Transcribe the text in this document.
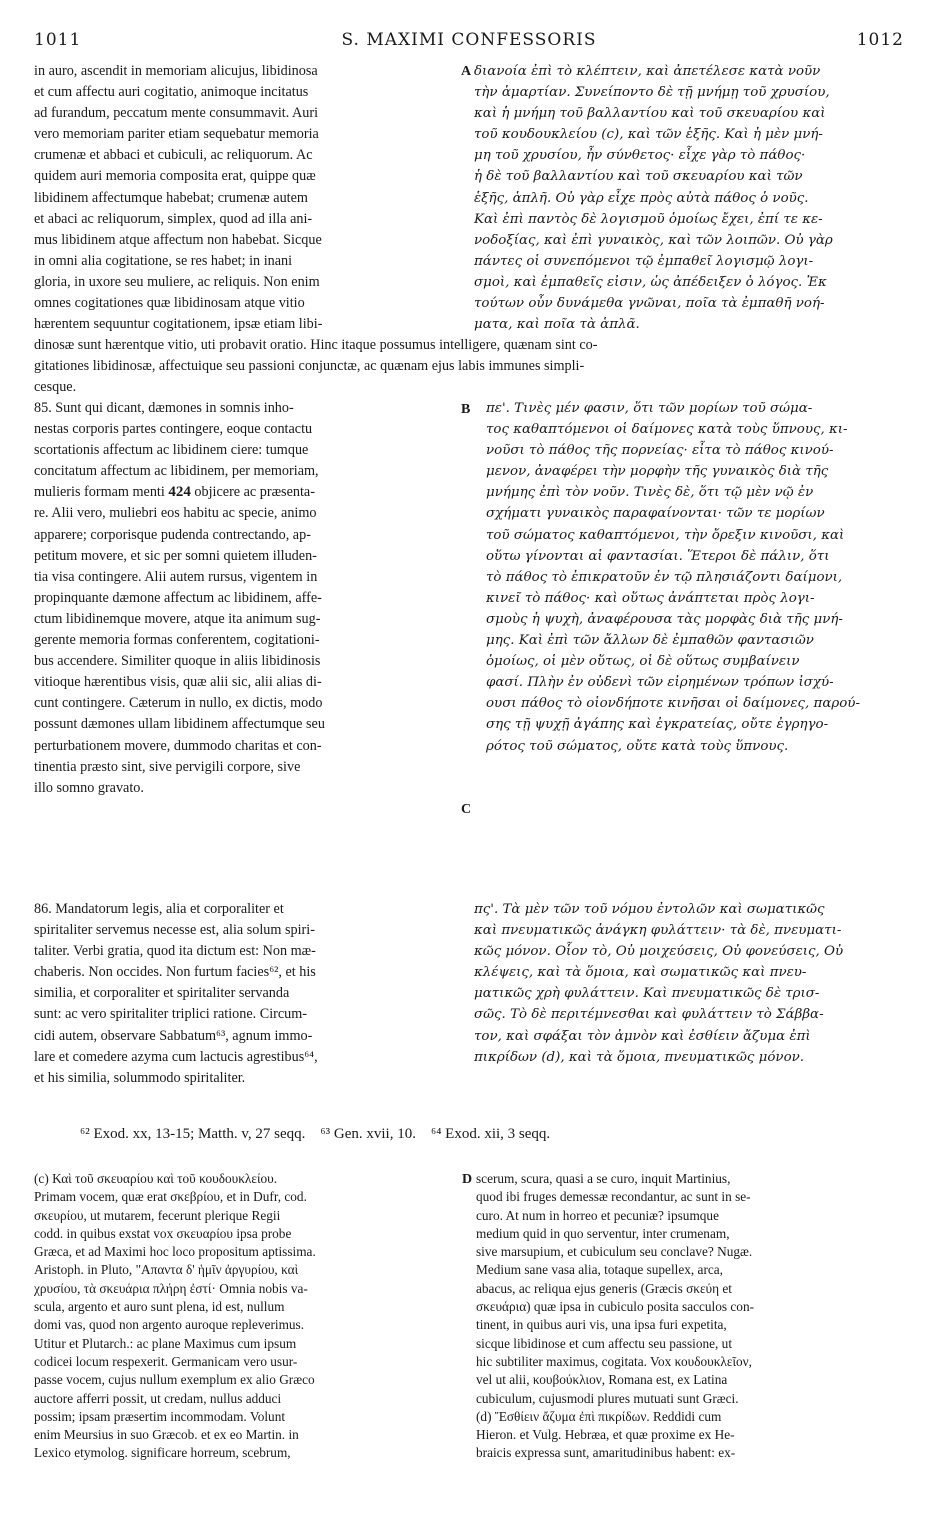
1011	S. MAXIMI CONFESSORIS	1012
in auro, ascendit in memoriam alicujus, libidinosa
et cum affectu auri cogitatio, animoque incitatus
ad furandum, peccatum mente consummavit. Auri
vero memoriam pariter etiam sequebatur memoria
crumenæ et abbaci et cubiculi, ac reliquorum. Ac
quidem auri memoria composita erat, quippe quæ
libidinem affectumque habebat; crumenæ autem
et abaci ac reliquorum, simplex, quod ad illa ani-
mus libidinem atque affectum non habebat. Sicque
in omni alia cogitatione, se res habet; in inani
gloria, in uxore seu muliere, ac reliquis. Non enim
omnes cogitationes quæ libidinosam atque vitio
hærentem sequuntur cogitationem, ipsæ etiam libi-
A διανοία ἐπὶ τὸ κλέπτειν, καὶ ἀπετέλεσε κατὰ νοῦν
τὴν ἁμαρτίαν. Συνείποντο δὲ τῇ μνήμῃ τοῦ χρυσίου,
καὶ ἡ μνήμη τοῦ βαλλαντίου καὶ τοῦ σκευαρίου καὶ
τοῦ κουδουκλείου (c), καὶ τῶν ἑξῆς. Καὶ ἡ μὲν μνή-
μη τοῦ χρυσίου, ἦν σύνθετος· εἶχε γὰρ τὸ πάθος·
ἡ δὲ τοῦ βαλλαντίου καὶ τοῦ σκευαρίου καὶ τῶν
ἑξῆς, ἁπλῆ. Οὐ γὰρ εἶχε πρὸς αὐτὰ πάθος ὁ νοῦς.
Καὶ ἐπὶ παντὸς δὲ λογισμοῦ ὁμοίως ἔχει, ἐπί τε κε-
νοδοξίας, καὶ ἐπὶ γυναικὸς, καὶ τῶν λοιπῶν. Οὐ γὰρ
πάντες οἱ συνεπόμενοι τῷ ἐμπαθεῖ λογισμῷ λογι-
σμοὶ, καὶ ἐμπαθεῖς εἰσιν, ὡς ἀπέδειξεν ὁ λόγος. Ἐκ
τούτων οὖν δυνάμεθα γνῶναι, ποῖα τὰ ἐμπαθῆ νοή-
ματα, καὶ ποῖα τὰ ἁπλᾶ.
dinosæ sunt hærentque vitio, uti probavit oratio. Hinc itaque possumus intelligere, quænam sint co-
gitationes libidinosæ, affectuique seu passioni conjunctæ, ac quænam ejus labis immunes simpli-
cesque.
85. Sunt qui dicant, dæmones in somnis inho-
nestas corporis partes contingere, eoque contactu
scortationis affectum ac libidinem ciere: tumque
concitatum affectum ac libidinem, per memoriam,
mulieris formam menti 424 objicere ac præsenta-
re. Alii vero, muliebri eos habitu ac specie, animo
apparere; corporisque pudenda contrectando, ap-
petitum movere, et sic per somni quietem illuden-
tia visa contingere. Alii autem rursus, vigentem in
propinquante dæmone affectum ac libidinem, affe-
ctum libidinemque movere, atque ita animum sug-
gerente memoria formas conferentem, cogitationi-
bus accendere. Similiter quoque in aliis libidinosis
vitioque hærentibus visis, quæ alii sic, alii alias di-
cunt contingere. Cæterum in nullo, ex dictis, modo
possunt dæmones ullam libidinem affectumque seu
perturbationem movere, dummodo charitas et con-
tinentia præsto sint, sive pervigili corpore, sive
illo somno gravato.
B πε'. Τινὲς μέν φασιν, ὅτι τῶν μορίων τοῦ σώμα-
τος καθαπτόμενοι οἱ δαίμονες κατὰ τοὺς ὕπνους, κι-
νοῦσι τὸ πάθος τῆς πορνείας· εἶτα τὸ πάθος κινού-
μενον, ἀναφέρει τὴν μορφὴν τῆς γυναικὸς διὰ τῆς
μνήμης ἐπὶ τὸν νοῦν. Τινὲς δὲ, ὅτι τῷ μὲν νῷ ἐν
σχήματι γυναικὸς παραφαίνονται· τῶν τε μορίων
τοῦ σώματος καθαπτόμενοι, τὴν ὄρεξιν κινοῦσι, καὶ
οὕτω γίνονται αἱ φαντασίαι. Ἕτεροι δὲ πάλιν, ὅτι
τὸ πάθος τὸ ἐπικρατοῦν ἐν τῷ πλησιάζοντι δαίμονι,
κινεῖ τὸ πάθος· καὶ οὕτως ἀνάπτεται πρὸς λογι-
σμοὺς ἡ ψυχὴ, ἀναφέρουσα τὰς μορφὰς διὰ τῆς μνή-
μης. Καὶ ἐπὶ τῶν ἄλλων δὲ ἐμπαθῶν φαντασιῶν
ὁμοίως, οἱ μὲν οὕτως, οἱ δὲ οὕτως συμβαίνειν
φασί. Πλὴν ἐν οὐδενὶ τῶν εἰρημένων τρόπων ἰσχύ-
ουσι πάθος τὸ οἱονδήποτε κινῆσαι οἱ δαίμονες, παρού-
σης τῇ ψυχῇ ἀγάπης καὶ ἐγκρατείας, οὔτε ἐγρηγο-
ρότος τοῦ σώματος, οὔτε κατὰ τοὺς ὕπνους.
C
86. Mandatorum legis, alia et corporaliter et
spiritaliter servemus necesse est, alia solum spiri-
taliter. Verbi gratia, quod ita dictum est: Non mæ-
chaberis. Non occides. Non furtum facies⁶², et his
similia, et corporaliter et spiritaliter servanda
sunt: ac vero spiritaliter triplici ratione. Circum-
cidi autem, observare Sabbatum⁶³, agnum immo-
lare et comedere azyma cum lactucis agrestibus⁶⁴,
et his similia, solummodo spiritaliter.
πς'. Τὰ μὲν τῶν τοῦ νόμου ἐντολῶν καὶ σωματικῶς
καὶ πνευματικῶς ἀνάγκη φυλάττειν· τὰ δὲ, πνευματι-
κῶς μόνον. Οἷον τὸ, Οὐ μοιχεύσεις, Οὐ φονεύσεις, Οὐ
κλέψεις, καὶ τὰ ὅμοια, καὶ σωματικῶς καὶ πνευ-
ματικῶς χρὴ φυλάττειν. Καὶ πνευματικῶς δὲ τρισ-
σῶς. Τὸ δὲ περιτέμνεσθαι καὶ φυλάττειν τὸ Σάββα-
τον, καὶ σφάξαι τὸν ἀμνὸν καὶ ἐσθίειν ἄζυμα ἐπὶ
πικρίδων (d), καὶ τὰ ὅμοια, πνευματικῶς μόνον.
⁶² Exod. xx, 13-15; Matth. v, 27 seqq. ⁶³ Gen. xvii, 10. ⁶⁴ Exod. xii, 3 seqq.
(c) Καὶ τοῦ σκευαρίου καὶ τοῦ κουδουκλείου.
Primam vocem, quæ erat σκεβρίου, et in Dufr, cod.
σκευρίου, ut mutarem, fecerunt plerique Regii
codd. in quibus exstat vox σκευαρίου ipsa probe
Græca, et ad Maximi hoc loco propositum aptissima.
Aristoph. in Pluto, "Απαντα δ' ἡμῖν ἀργυρίου, καὶ
χρυσίου, τὰ σκευάρια πλήρη ἐστί· Omnia nobis va-
scula, argento et auro sunt plena, id est, nullum
domi vas, quod non argento auroque repleverimus.
Utitur et Plutarch.: ac plane Maximus cum ipsum
codicei locum respexerit. Germanicam vero usur-
passe vocem, cujus nullum exemplum ex alio Græco
auctore afferri possit, ut credam, nullus adduci
possim; ipsam præsertim incommodam. Volunt
enim Meursius in suo Græcob. et ex eo Martin. in
Lexico etymolog. significare horreum, scebrum,
D scerum, scura, quasi a se curo, inquit Martinius,
quod ibi fruges demessæ recondantur, ac sunt in se-
curo. At num in horreo et pecuniæ? ipsumque
medium quid in quo serventur, inter crumenam,
sive marsupium, et cubiculum seu conclave? Nugæ.
Medium sane vasa alia, totaque supellex, arca,
abacus, ac reliqua ejus generis (Græcis σκεύη et
σκευάρια) quæ ipsa in cubiculo posita sacculos con-
tinent, in quibus auri vis, una ipsa furi expetita,
sicque libidinose et cum affectu seu passione, ut
hic subtiliter maximus, cogitata. Vox κουδουκλεῖον,
vel ut alii, κουβούκλιον, Romana est, ex Latina
cubiculum, cujusmodi plures mutuati sunt Græci.
(d) Ἔσθίειν ἄζυμα ἐπὶ πικρίδων. Reddidi cum
Hieron. et Vulg. Hebræa, et quæ proxime ex He-
braicis expressa sunt, amaritudinibus habent: ex-
